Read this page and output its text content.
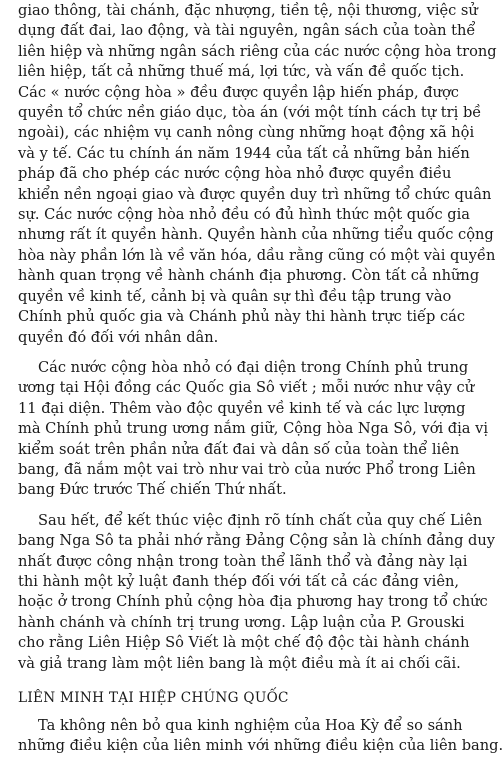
giao thông, tài chánh, đặc nhượng, tiền tệ, nội thương, việc sử
dụng đất đai, lao động, và tài nguyên, ngân sách của toàn thể
liên hiệp và những ngân sách riêng của các nước cộng hòa trong
liên hiệp, tất cả những thuế má, lợi tức, và vấn đề quốc tịch.
Các « nước cộng hòa » đều được quyền lập hiến pháp, được
quyền tổ chức nền giáo dục, tòa án (với một tính cách tự trị bề
ngoài), các nhiệm vụ canh nông cùng những hoạt động xã hội
và y tế. Các tu chính án năm 1944 của tất cả những bản hiến
pháp đã cho phép các nước cộng hòa nhỏ được quyền điều
khiển nền ngoại giao và được quyền duy trì những tổ chức quân
sự. Các nước cộng hòa nhỏ đều có đủ hình thức một quốc gia
nhưng rất ít quyền hành. Quyền hành của những tiểu quốc cộng
hòa này phần lớn là về văn hóa, dầu rằng cũng có một vài quyền
hành quan trọng về hành chánh địa phương. Còn tất cả những
quyền về kinh tế, cảnh bị và quân sự thì đều tập trung vào
Chính phủ quốc gia và Chánh phủ này thi hành trực tiếp các
quyền đó đối với nhân dân.
Các nước cộng hòa nhỏ có đại diện trong Chính phủ trung
ương tại Hội đồng các Quốc gia Sô viết ; mỗi nước như vậy cử
11 đại diện. Thêm vào độc quyền về kinh tế và các lực lượng
mà Chính phủ trung ương nắm giữ, Cộng hòa Nga Sô, với địa vị
kiểm soát trên phần nửa đất đai và dân số của toàn thể liên
bang, đã nắm một vai trò như vai trò của nước Phổ trong Liên
bang Đức trước Thế chiến Thứ nhất.
Sau hết, để kết thúc việc định rõ tính chất của quy chế Liên
bang Nga Sô ta phải nhớ rằng Đảng Cộng sản là chính đảng duy
nhất được công nhận trong toàn thể lãnh thổ và đảng này lại
thi hành một kỷ luật đanh thép đối với tất cả các đảng viên,
hoặc ở trong Chính phủ cộng hòa địa phương hay trong tổ chức
hành chánh và chính trị trung ương. Lập luận của P. Grouski
cho rằng Liên Hiệp Sô Viết là một chế độ độc tài hành chánh
và giả trang làm một liên bang là một điều mà ít ai chối cãi.
LIÊN MINH TẠI HIỆP CHÚNG QUỐC
Ta không nên bỏ qua kinh nghiệm của Hoa Kỳ để so sánh
những điều kiện của liên minh với những điều kiện của liên bang.
